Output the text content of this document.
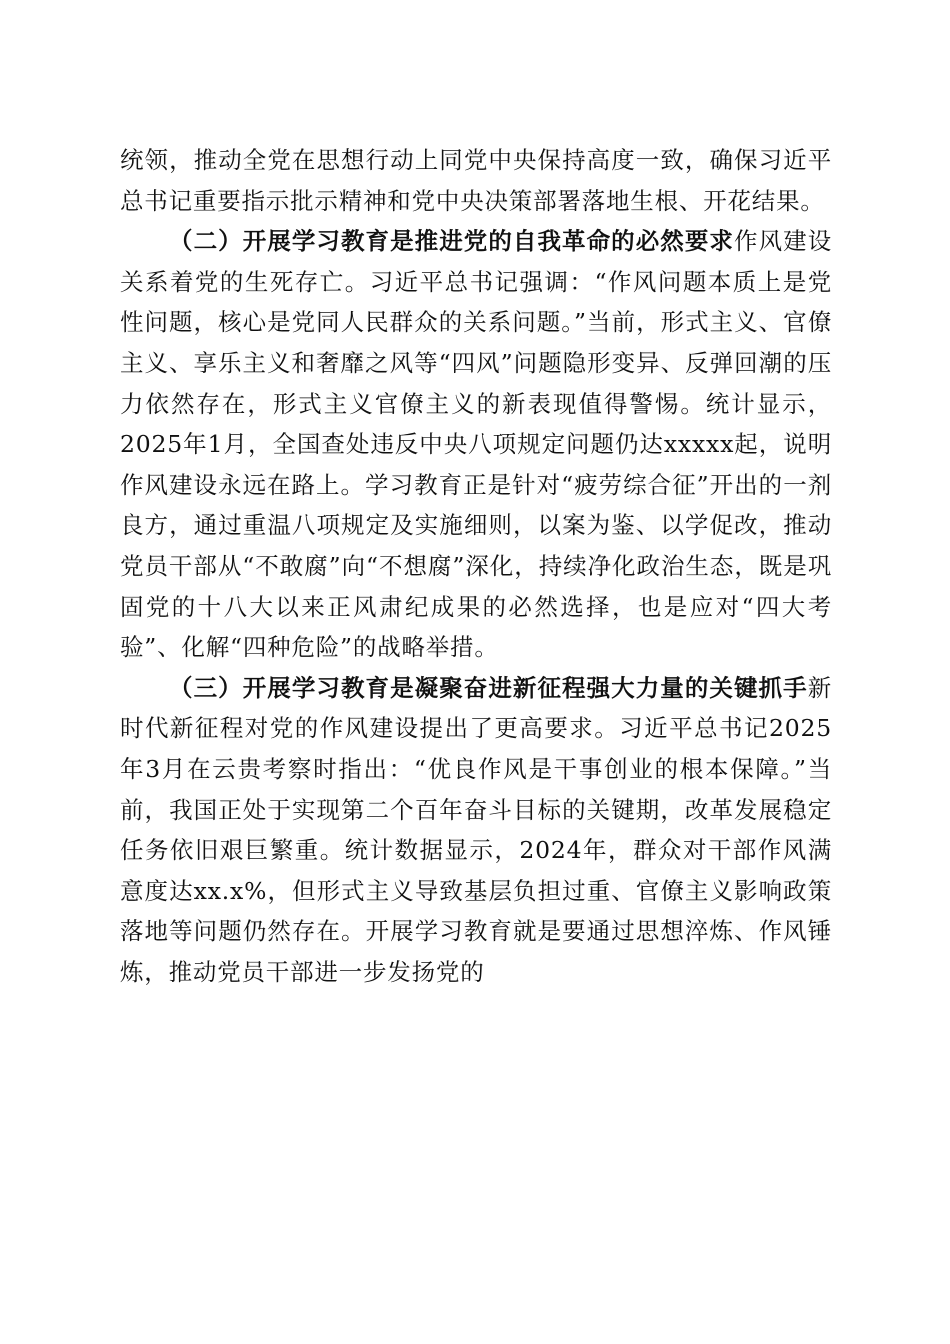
统领，推动全党在思想行动上同党中央保持高度一致，确保习近平总书记重要指示批示精神和党中央决策部署落地生根、开花结果。

（二）开展学习教育是推进党的自我革命的必然要求作风建设关系着党的生死存亡。习近平总书记强调：“作风问题本质上是党性问题，核心是党同人民群众的关系问题。”当前，形式主义、官僚主义、享乐主义和奢靡之风等“四风”问题隐形变异、反弹回潮的压力依然存在，形式主义官僚主义的新表现值得警惕。统计显示，2025年1月，全国查处违反中央八项规定问题仍达xxxxx起，说明作风建设永远在路上。学习教育正是针对“疲劳综合征”开出的一剂良方，通过重温八项规定及实施细则，以案为鉴、以学促改，推动党员干部从“不敢腐”向“不想腐”深化，持续净化政治生态，既是巩固党的十八大以来正风肃纪成果的必然选择，也是应对“四大考验”、化解“四种危险”的战略举措。

（三）开展学习教育是凝聚奋进新征程强大力量的关键抓手新时代新征程对党的作风建设提出了更高要求。习近平总书记2025年3月在云贵考察时指出：“优良作风是干事创业的根本保障。”当前，我国正处于实现第二个百年奋斗目标的关键期，改革发展稳定任务依旧艰巨繁重。统计数据显示，2024年，群众对干部作风满意度达xx.x%，但形式主义导致基层负担过重、官僚主义影响政策落地等问题仍然存在。开展学习教育就是要通过思想淬炼、作风锤炼，推动党员干部进一步发扬党的
